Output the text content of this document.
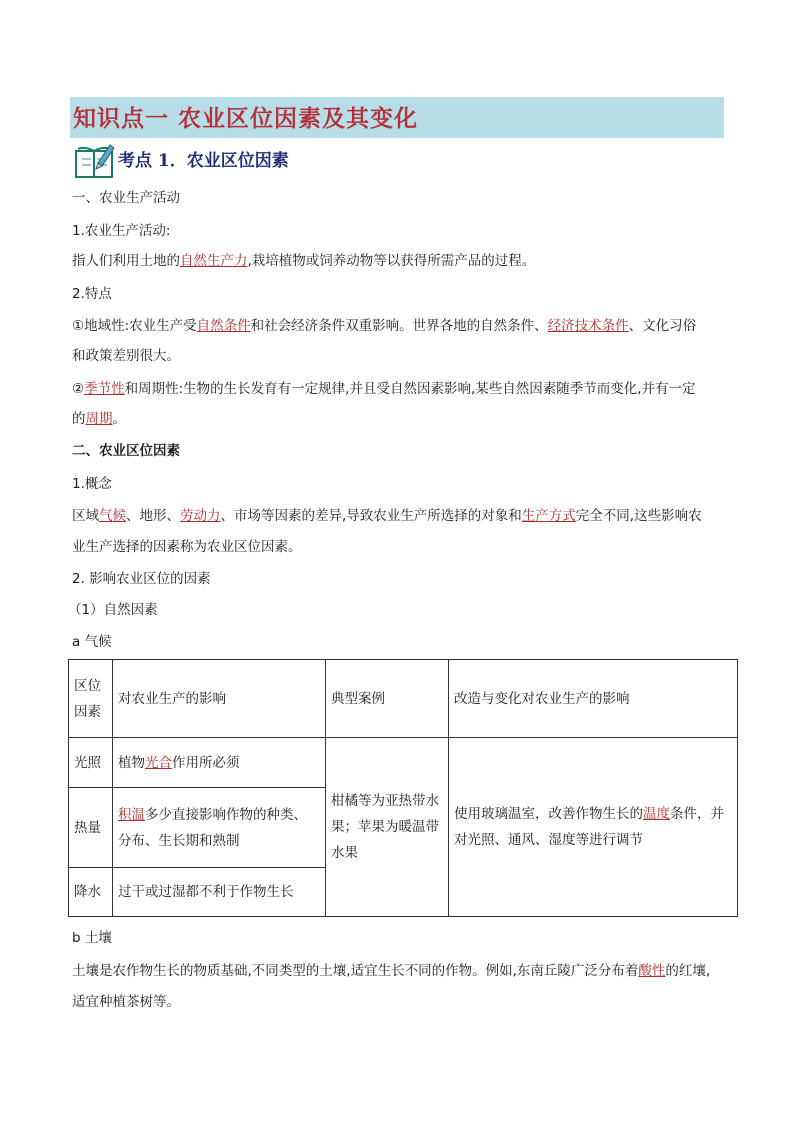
知识点一 农业区位因素及其变化
考点 1．农业区位因素
一、农业生产活动
1.农业生产活动:
指人们利用土地的自然生产力,栽培植物或饲养动物等以获得所需产品的过程。
2.特点
①地域性:农业生产受自然条件和社会经济条件双重影响。世界各地的自然条件、经济技术条件、文化习俗
和政策差别很大。
②季节性和周期性:生物的生长发育有一定规律,并且受自然因素影响,某些自然因素随季节而变化,并有一定
的周期。
二、农业区位因素
1.概念
区域气候、地形、劳动力、市场等因素的差异,导致农业生产所选择的对象和生产方式完全不同,这些影响农
业生产选择的因素称为农业区位因素。
2. 影响农业区位的因素
（1）自然因素
a 气候
区位因素	对农业生产的影响	典型案例	改造与变化对农业生产的影响
光照	植物光合作用所必须	柑橘等为亚热带水果；苹果为暖温带水果	使用玻璃温室，改善作物生长的温度条件，并对光照、通风、湿度等进行调节
热量	积温多少直接影响作物的种类、分布、生长期和熟制		
降水	过干或过湿都不利于作物生长		
b 土壤
土壤是农作物生长的物质基础,不同类型的土壤,适宜生长不同的作物。例如,东南丘陵广泛分布着酸性的红壤,
适宜种植茶树等。
